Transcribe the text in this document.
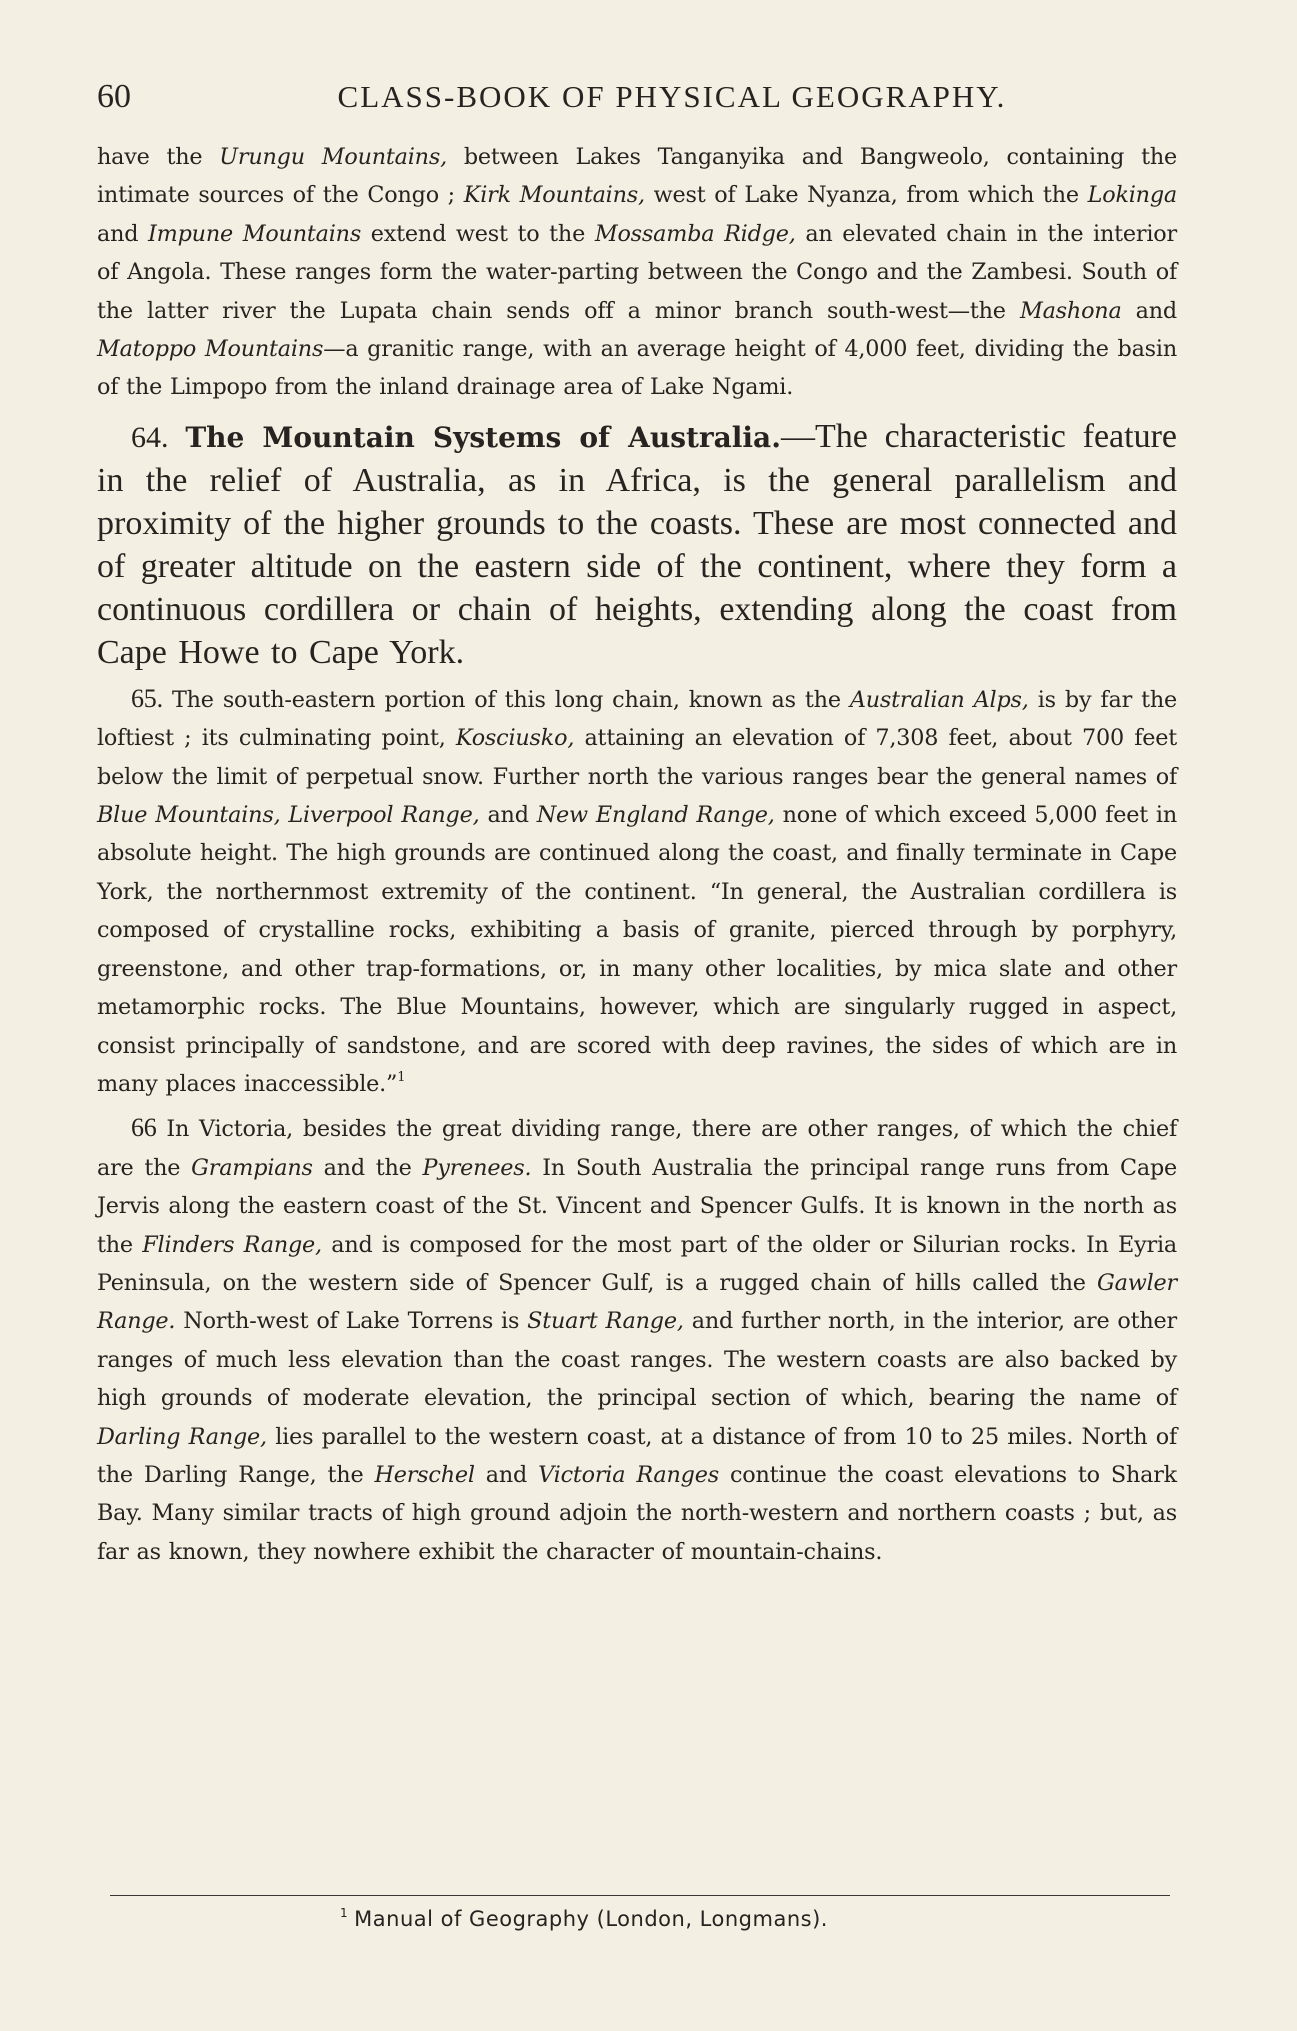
60	CLASS-BOOK OF PHYSICAL GEOGRAPHY.

have the Urungu Mountains, between Lakes Tanganyika and Bangweolo, containing the intimate sources of the Congo ; Kirk Mountains, west of Lake Nyanza, from which the Lokinga and Impune Mountains extend west to the Mossamba Ridge, an elevated chain in the interior of Angola. These ranges form the water-parting between the Congo and the Zambesi. South of the latter river the Lupata chain sends off a minor branch south-west—the Mashona and Matoppo Mountains—a granitic range, with an average height of 4,000 feet, dividing the basin of the Limpopo from the inland drainage area of Lake Ngami.

64. The Mountain Systems of Australia.—The characteristic feature in the relief of Australia, as in Africa, is the general parallelism and proximity of the higher grounds to the coasts. These are most connected and of greater altitude on the eastern side of the continent, where they form a continuous cordillera or chain of heights, extending along the coast from Cape Howe to Cape York.

65. The south-eastern portion of this long chain, known as the Australian Alps, is by far the loftiest ; its culminating point, Kosciusko, attaining an elevation of 7,308 feet, about 700 feet below the limit of perpetual snow. Further north the various ranges bear the general names of Blue Mountains, Liverpool Range, and New England Range, none of which exceed 5,000 feet in absolute height. The high grounds are continued along the coast, and finally terminate in Cape York, the northernmost extremity of the continent. “In general, the Australian cordillera is composed of crystalline rocks, exhibiting a basis of granite, pierced through by porphyry, greenstone, and other trap-formations, or, in many other localities, by mica slate and other metamorphic rocks. The Blue Mountains, however, which are singularly rugged in aspect, consist principally of sandstone, and are scored with deep ravines, the sides of which are in many places inaccessible.”$^1$

66 In Victoria, besides the great dividing range, there are other ranges, of which the chief are the Grampians and the Pyrenees. In South Australia the principal range runs from Cape Jervis along the eastern coast of the St. Vincent and Spencer Gulfs. It is known in the north as the Flinders Range, and is composed for the most part of the older or Silurian rocks. In Eyria Peninsula, on the western side of Spencer Gulf, is a rugged chain of hills called the Gawler Range. North-west of Lake Torrens is Stuart Range, and further north, in the interior, are other ranges of much less elevation than the coast ranges. The western coasts are also backed by high grounds of moderate elevation, the principal section of which, bearing the name of Darling Range, lies parallel to the western coast, at a distance of from 10 to 25 miles. North of the Darling Range, the Herschel and Victoria Ranges continue the coast elevations to Shark Bay. Many similar tracts of high ground adjoin the north-western and northern coasts ; but, as far as known, they nowhere exhibit the character of mountain-chains.

$^1$ Manual of Geography (London, Longmans).
